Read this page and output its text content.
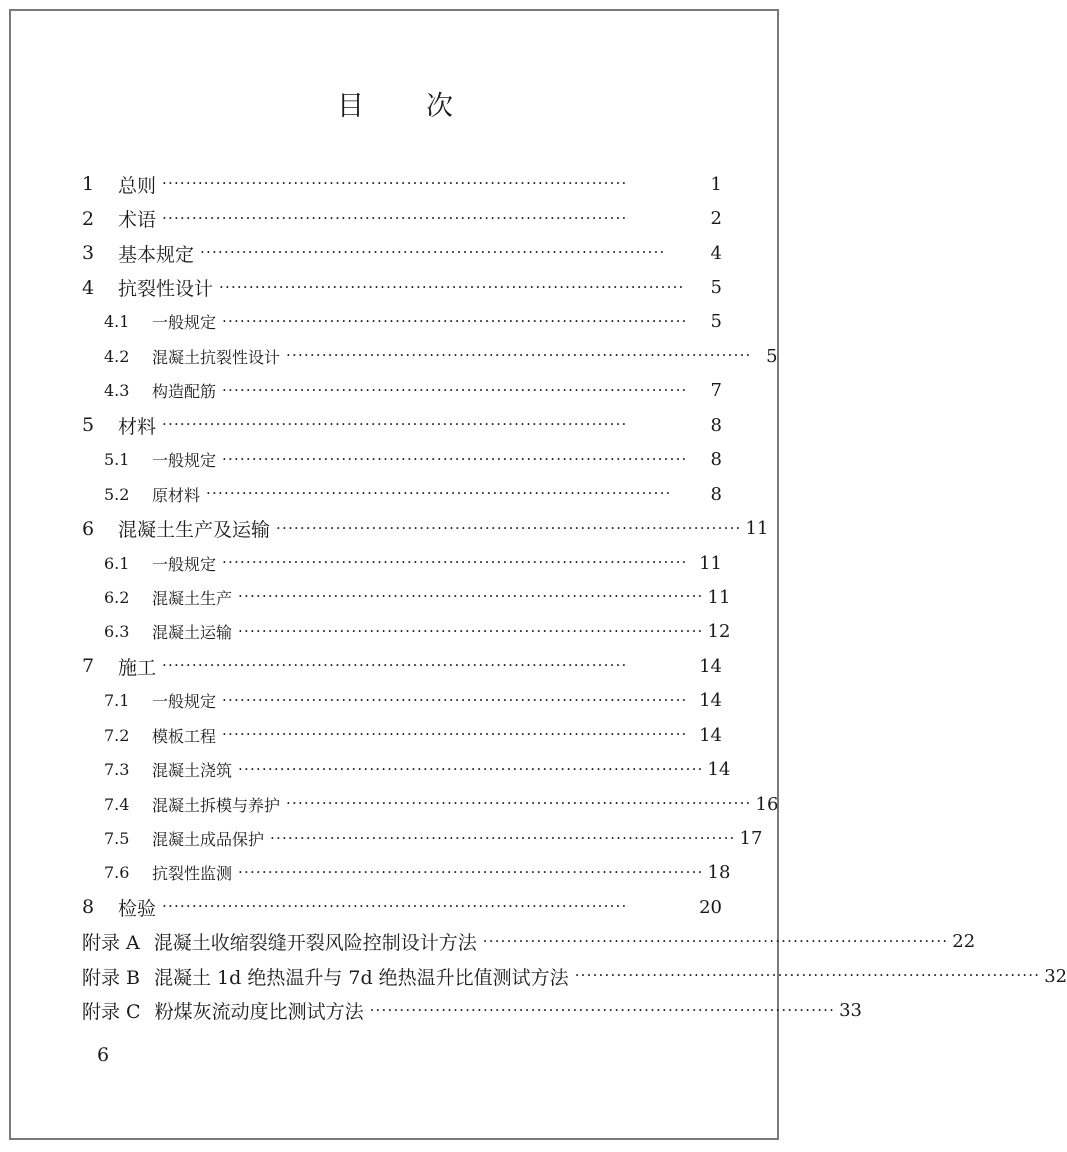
目 次
1	总则 ··············································································	1
2	术语 ··············································································	2
3	基本规定 ··············································································	4
4	抗裂性设计 ··············································································	5
4.1	一般规定 ··············································································	5
4.2	混凝土抗裂性设计 ·············································································· 5
4.3	构造配筋 ··············································································	7
5	材料 ··············································································	8
5.1	一般规定 ··············································································	8
5.2	原材料 ··············································································	8
6	混凝土生产及运输 ·············································································· 11
6.1	一般规定 ·············································································· 11
6.2	混凝土生产 ·············································································· 11
6.3	混凝土运输 ·············································································· 12
7	施工 ··············································································	14
7.1	一般规定 ·············································································· 14
7.2	模板工程 ·············································································· 14
7.3	混凝土浇筑 ·············································································· 14
7.4	混凝土拆模与养护 ·············································································· 16
7.5	混凝土成品保护 ·············································································· 17
7.6	抗裂性监测 ·············································································· 18
8	检验 ··············································································	20
附录 A 混凝土收缩裂缝开裂风险控制设计方法 ·············································································· 22
附录 B 混凝土 1d 绝热温升与 7d 绝热温升比值测试方法 ·············································································· 32
附录 C 粉煤灰流动度比测试方法 ·············································································· 33
6
